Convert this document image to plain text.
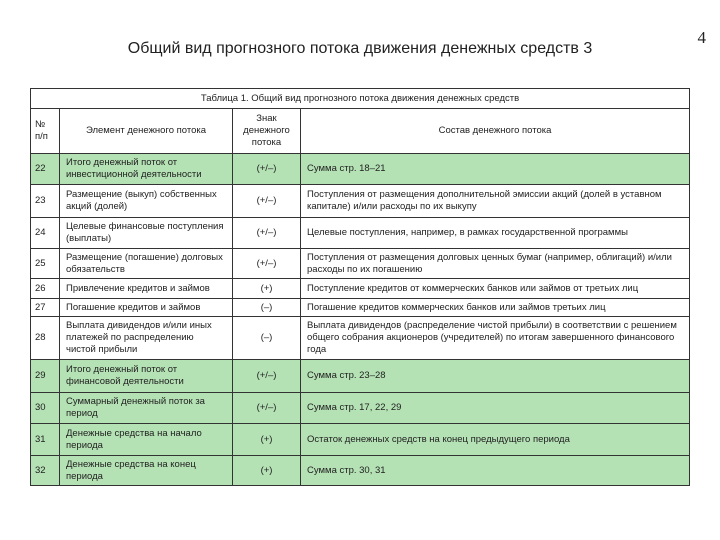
4
Общий вид прогнозного потока движения денежных средств 3
Таблица 1. Общий вид прогнозного потока движения денежных средств			
№ п/п	Элемент денежного потока	Знак денежного потока	Состав денежного потока
22	Итого денежный поток от инвестиционной деятельности	(+/–)	Сумма стр. 18–21
23	Размещение (выкуп) собственных акций (долей)	(+/–)	Поступления от размещения дополнительной эмиссии акций (долей в уставном капитале) и/или расходы по их выкупу
24	Целевые финансовые поступления (выплаты)	(+/–)	Целевые поступления, например, в рамках государственной программы
25	Размещение (погашение) долговых обязательств	(+/–)	Поступления от размещения долговых ценных бумаг (например, облигаций) и/или расходы по их погашению
26	Привлечение кредитов и займов	(+)	Поступление кредитов от коммерческих банков или займов от третьих лиц
27	Погашение кредитов и займов	(–)	Погашение кредитов коммерческих банков или займов третьих лиц
28	Выплата дивидендов и/или иных платежей по распределению чистой прибыли	(–)	Выплата дивидендов (распределение чистой прибыли) в соответствии с решением общего собрания акционеров (учредителей) по итогам завершенного финансового года
29	Итого денежный поток от финансовой деятельности	(+/–)	Сумма стр. 23–28
30	Суммарный денежный поток за период	(+/–)	Сумма стр. 17, 22, 29
31	Денежные средства на начало периода	(+)	Остаток денежных средств на конец предыдущего периода
32	Денежные средства на конец периода	(+)	Сумма стр. 30, 31
